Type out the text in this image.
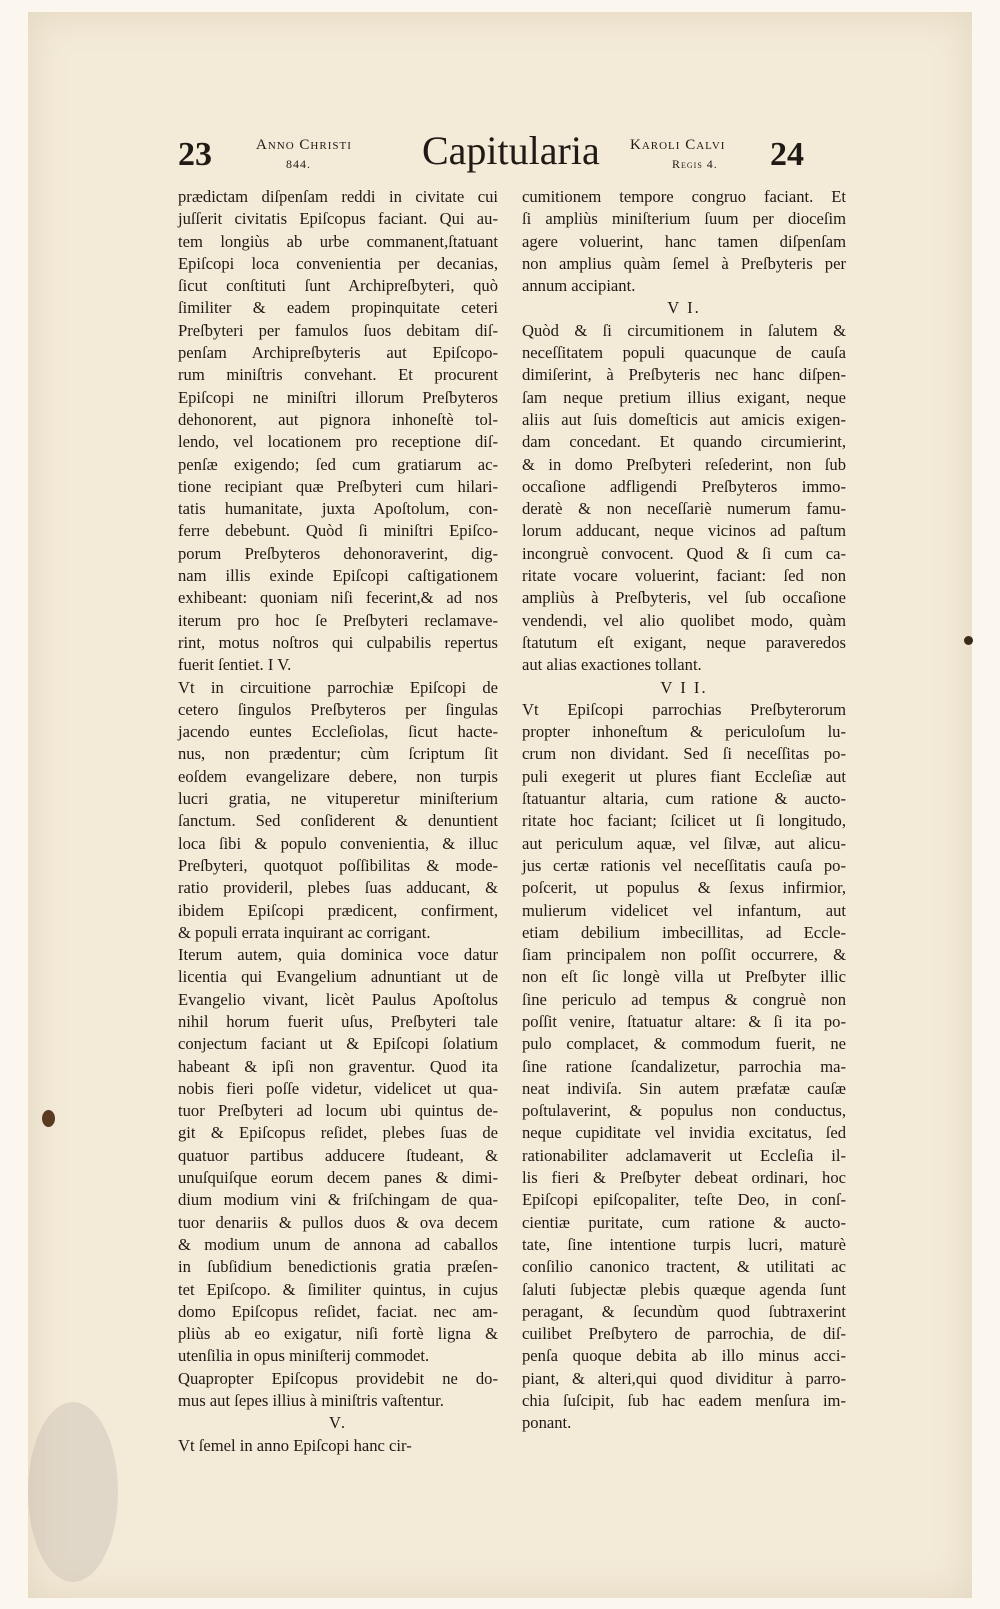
23	Anno Christi
844.	Capitularia Karoli Calvi
Regis 4. 24

prædictam diſpenſam reddi in civitate cui

juſſerit civitatis Epiſcopus faciant. Qui au-

tem longiùs ab urbe commanent,ſtatuant

Epiſcopi loca convenientia per decanias,

ſicut conſtituti ſunt Archipreſbyteri, quò

ſimiliter & eadem propinquitate ceteri

Preſbyteri per famulos ſuos debitam diſ-

penſam Archipreſbyteris aut Epiſcopo-

rum miniſtris convehant. Et procurent

Epiſcopi ne miniſtri illorum Preſbyteros

dehonorent, aut pignora inhoneſtè tol-

lendo, vel locationem pro receptione diſ-

penſæ exigendo; ſed cum gratiarum ac-

tione recipiant quæ Preſbyteri cum hilari-

tatis humanitate, juxta Apoſtolum, con-

ferre debebunt. Quòd ſi miniſtri Epiſco-

porum Preſbyteros dehonoraverint, dig-

nam illis exinde Epiſcopi caſtigationem

exhibeant: quoniam niſi fecerint,& ad nos

iterum pro hoc ſe Preſbyteri reclamave-

rint, motus noſtros qui culpabilis repertus

fuerit ſentiet. I V.

Vt in circuitione parrochiæ Epiſcopi de

cetero ſingulos Preſbyteros per ſingulas

jacendo euntes Eccleſiolas, ſicut hacte-

nus, non prædentur; cùm ſcriptum ſit

eoſdem evangelizare debere, non turpis

lucri gratia, ne vituperetur miniſterium

ſanctum. Sed conſiderent & denuntient

loca ſibi & populo convenientia, & illuc

Preſbyteri, quotquot poſſibilitas & mode-

ratio provideril, plebes ſuas adducant, &

ibidem Epiſcopi prædicent, confirment,

& populi errata inquirant ac corrigant.

Iterum autem, quia dominica voce datur

licentia qui Evangelium adnuntiant ut de

Evangelio vivant, licèt Paulus Apoſtolus

nihil horum fuerit uſus, Preſbyteri tale

conjectum faciant ut & Epiſcopi ſolatium

habeant & ipſi non graventur. Quod ita

nobis fieri poſſe videtur, videlicet ut qua-

tuor Preſbyteri ad locum ubi quintus de-

git & Epiſcopus reſidet, plebes ſuas de

quatuor partibus adducere ſtudeant, &

unuſquiſque eorum decem panes & dimi-

dium modium vini & friſchingam de qua-

tuor denariis & pullos duos & ova decem

& modium unum de annona ad caballos

in ſubſidium benedictionis gratia præſen-

tet Epiſcopo. & ſimiliter quintus, in cujus

domo Epiſcopus reſidet, faciat. nec am-

pliùs ab eo exigatur, niſi fortè ligna &

utenſilia in opus miniſterij commodet.

Quapropter Epiſcopus providebit ne do-

mus aut ſepes illius à miniſtris vaſtentur.

V.

Vt ſemel in anno Epiſcopi hanc cir-

cumitionem tempore congruo faciant. Et

ſi ampliùs miniſterium ſuum per dioceſim

agere voluerint, hanc tamen diſpenſam

non amplius quàm ſemel à Preſbyteris per

annum accipiant.

V I.

Quòd & ſi circumitionem in ſalutem &

neceſſitatem populi quacunque de cauſa

dimiſerint, à Preſbyteris nec hanc diſpen-

ſam neque pretium illius exigant, neque

aliis aut ſuis domeſticis aut amicis exigen-

dam concedant. Et quando circumierint,

& in domo Preſbyteri reſederint, non ſub

occaſione adfligendi Preſbyteros immo-

deratè & non neceſſariè numerum famu-

lorum adducant, neque vicinos ad paſtum

incongruè convocent. Quod & ſi cum ca-

ritate vocare voluerint, faciant: ſed non

ampliùs à Preſbyteris, vel ſub occaſione

vendendi, vel alio quolibet modo, quàm

ſtatutum eſt exigant, neque paraveredos

aut alias exactiones tollant.

V I I.

Vt Epiſcopi parrochias Preſbyterorum

propter inhoneſtum & periculoſum lu-

crum non dividant. Sed ſi neceſſitas po-

puli exegerit ut plures fiant Eccleſiæ aut

ſtatuantur altaria, cum ratione & aucto-

ritate hoc faciant; ſcilicet ut ſi longitudo,

aut periculum aquæ, vel ſilvæ, aut alicu-

jus certæ rationis vel neceſſitatis cauſa po-

poſcerit, ut populus & ſexus infirmior,

mulierum videlicet vel infantum, aut

etiam debilium imbecillitas, ad Eccle-

ſiam principalem non poſſit occurrere, &

non eſt ſic longè villa ut Preſbyter illic

ſine periculo ad tempus & congruè non

poſſit venire, ſtatuatur altare: & ſi ita po-

pulo complacet, & commodum fuerit, ne

ſine ratione ſcandalizetur, parrochia ma-

neat indiviſa. Sin autem præfatæ cauſæ

poſtulaverint, & populus non conductus,

neque cupiditate vel invidia excitatus, ſed

rationabiliter adclamaverit ut Eccleſia il-

lis fieri & Preſbyter debeat ordinari, hoc

Epiſcopi epiſcopaliter, teſte Deo, in conſ-

cientiæ puritate, cum ratione & aucto-

tate, ſine intentione turpis lucri, maturè

conſilio canonico tractent, & utilitati ac

ſaluti ſubjectæ plebis quæque agenda ſunt

peragant, & ſecundùm quod ſubtraxerint

cuilibet Preſbytero de parrochia, de diſ-

penſa quoque debita ab illo minus acci-

piant, & alteri,qui quod dividitur à parro-

chia ſuſcipit, ſub hac eadem menſura im-

ponant.
